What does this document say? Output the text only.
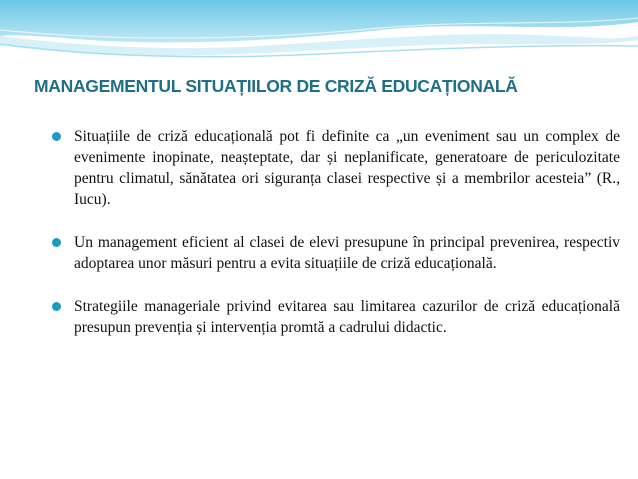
MANAGEMENTUL SITUAȚIILOR DE CRIZĂ EDUCAȚIONALĂ
Situațiile de criză educațională pot fi definite ca „un eveniment sau un complex de evenimente inopinate, neașteptate, dar și neplanificate, generatoare de periculozitate pentru climatul, sănătatea ori siguranța clasei respective și a membrilor acesteia” (R., Iucu).
Un management eficient al clasei de elevi presupune în principal prevenirea, respectiv adoptarea unor măsuri pentru a evita situațiile de criză educațională.
Strategiile manageriale privind evitarea sau limitarea cazurilor de criză educațională presupun prevenția și intervenția promtă a cadrului didactic.
